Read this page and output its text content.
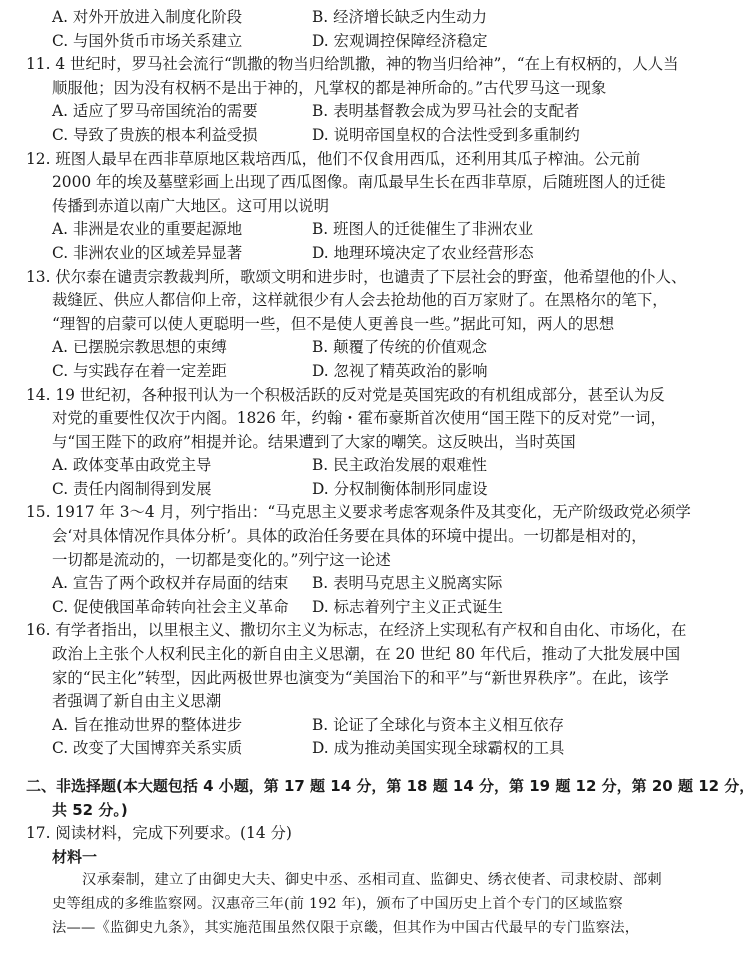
A. 对外开放进入制度化阶段	B. 经济增长缺乏内生动力
C. 与国外货币市场关系建立	D. 宏观调控保障经济稳定
11. 4 世纪时，罗马社会流行“凯撒的物当归给凯撒，神的物当归给神”，“在上有权柄的，人人当
顺服他；因为没有权柄不是出于神的，凡掌权的都是神所命的。”古代罗马这一现象
A. 适应了罗马帝国统治的需要	B. 表明基督教会成为罗马社会的支配者
C. 导致了贵族的根本利益受损	D. 说明帝国皇权的合法性受到多重制约
12. 班图人最早在西非草原地区栽培西瓜，他们不仅食用西瓜，还利用其瓜子榨油。公元前
2000 年的埃及墓壁彩画上出现了西瓜图像。南瓜最早生长在西非草原，后随班图人的迁徙
传播到赤道以南广大地区。这可用以说明
A. 非洲是农业的重要起源地	B. 班图人的迁徙催生了非洲农业
C. 非洲农业的区域差异显著	D. 地理环境决定了农业经营形态
13. 伏尔泰在谴责宗教裁判所，歌颂文明和进步时，也谴责了下层社会的野蛮，他希望他的仆人、
裁缝匠、供应人都信仰上帝，这样就很少有人会去抢劫他的百万家财了。在黑格尔的笔下，
“理智的启蒙可以使人更聪明一些，但不是使人更善良一些。”据此可知，两人的思想
A. 已摆脱宗教思想的束缚	B. 颠覆了传统的价值观念
C. 与实践存在着一定差距	D. 忽视了精英政治的影响
14. 19 世纪初，各种报刊认为一个积极活跃的反对党是英国宪政的有机组成部分，甚至认为反
对党的重要性仅次于内阁。1826 年，约翰・霍布豪斯首次使用“国王陛下的反对党”一词，
与“国王陛下的政府”相提并论。结果遭到了大家的嘲笑。这反映出，当时英国
A. 政体变革由政党主导	B. 民主政治发展的艰难性
C. 责任内阁制得到发展	D. 分权制衡体制形同虚设
15. 1917 年 3～4 月，列宁指出：“马克思主义要求考虑客观条件及其变化，无产阶级政党必须学
会‘对具体情况作具体分析’。具体的政治任务要在具体的环境中提出。一切都是相对的，
一切都是流动的，一切都是变化的。”列宁这一论述
A. 宣告了两个政权并存局面的结束	B. 表明马克思主义脱离实际
C. 促使俄国革命转向社会主义革命	D. 标志着列宁主义正式诞生
16. 有学者指出，以里根主义、撒切尔主义为标志，在经济上实现私有产权和自由化、市场化，在
政治上主张个人权利民主化的新自由主义思潮，在 20 世纪 80 年代后，推动了大批发展中国
家的“民主化”转型，因此两极世界也演变为“美国治下的和平”与“新世界秩序”。在此，该学
者强调了新自由主义思潮
A. 旨在推动世界的整体进步	B. 论证了全球化与资本主义相互依存
C. 改变了大国博弈关系实质	D. 成为推动美国实现全球霸权的工具
二、非选择题(本大题包括 4 小题，第 17 题 14 分，第 18 题 14 分，第 19 题 12 分，第 20 题 12 分，
共 52 分。)
17. 阅读材料，完成下列要求。(14 分)
材料一
汉承秦制，建立了由御史大夫、御史中丞、丞相司直、监御史、绣衣使者、司隶校尉、部刺
史等组成的多维监察网。汉惠帝三年(前 192 年)，颁布了中国历史上首个专门的区域监察
法——《监御史九条》，其实施范围虽然仅限于京畿，但其作为中国古代最早的专门监察法，
